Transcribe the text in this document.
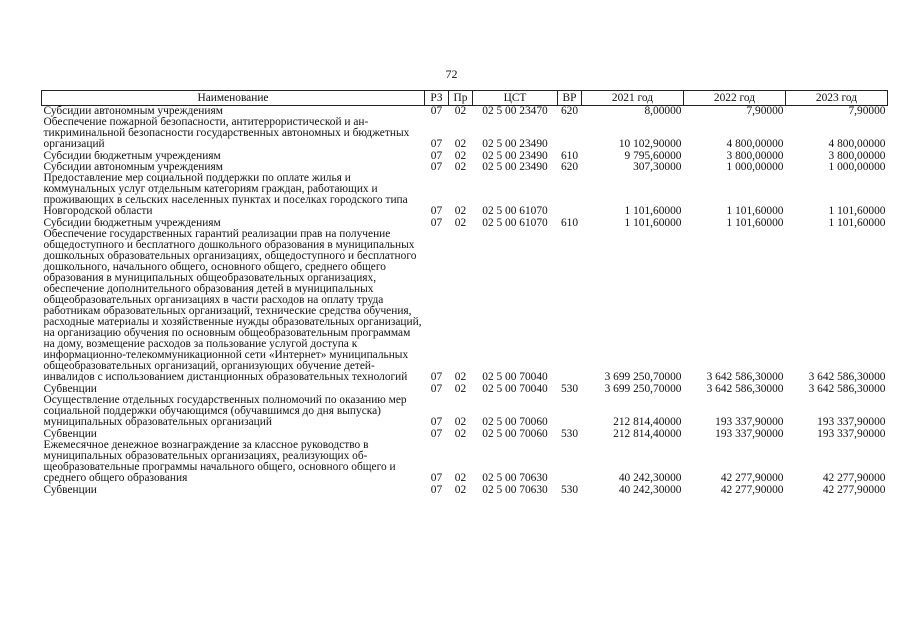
72
Наименование	РЗ	Пр	ЦСТ	ВР	2021 год	2022 год	2023 год
Субсидии автономным учреждениям	07	02	02 5 00 23470	620	8,00000	7,90000	7,90000
Обеспечение пожарной безопасности, антитеррористической и антикриминальной безопасности государственных автономных и бюджетных организаций	07	02	02 5 00 23490		10 102,90000	4 800,00000	4 800,00000
Субсидии бюджетным учреждениям	07	02	02 5 00 23490	610	9 795,60000	3 800,00000	3 800,00000
Субсидии автономным учреждениям	07	02	02 5 00 23490	620	307,30000	1 000,00000	1 000,00000
Предоставление мер социальной поддержки по оплате жилья и коммунальных услуг отдельным категориям граждан, работающих и проживающих в сельских населенных пунктах и поселках городского типа Новгородской области	07	02	02 5 00 61070		1 101,60000	1 101,60000	1 101,60000
Субсидии бюджетным учреждениям	07	02	02 5 00 61070	610	1 101,60000	1 101,60000	1 101,60000
Обеспечение государственных гарантий реализации прав на получение общедоступного и бесплатного дошкольного образования в муниципальных дошкольных образовательных организациях, общедоступного и бесплатного дошкольного, начального общего, основного общего, среднего общего образования в муниципальных общеобразовательных организациях, обеспечение дополнительного образования детей в муниципальных общеобразовательных организациях в части расходов на оплату труда работникам образовательных организаций, технические средства обучения, расходные материалы и хозяйственные нужды образовательных организаций, на организацию обучения по основным общеобразовательным программам на дому, возмещение расходов за пользование услугой доступа к информационно-телекоммуникационной сети «Интернет» муниципальных общеобразовательных организаций, организующих обучение детей-инвалидов с использованием дистанционных образовательных технологий	07	02	02 5 00 70040		3 699 250,70000	3 642 586,30000	3 642 586,30000
Субвенции	07	02	02 5 00 70040	530	3 699 250,70000	3 642 586,30000	3 642 586,30000
Осуществление отдельных государственных полномочий по оказанию мер социальной поддержки обучающимся (обучавшимся до дня выпуска) муниципальных образовательных организаций	07	02	02 5 00 70060		212 814,40000	193 337,90000	193 337,90000
Субвенции	07	02	02 5 00 70060	530	212 814,40000	193 337,90000	193 337,90000
Ежемесячное денежное вознаграждение за классное руководство в муниципальных образовательных организациях, реализующих общеобразовательные программы начального общего, основного общего и среднего общего образования	07	02	02 5 00 70630		40 242,30000	42 277,90000	42 277,90000
Субвенции	07	02	02 5 00 70630	530	40 242,30000	42 277,90000	42 277,90000
